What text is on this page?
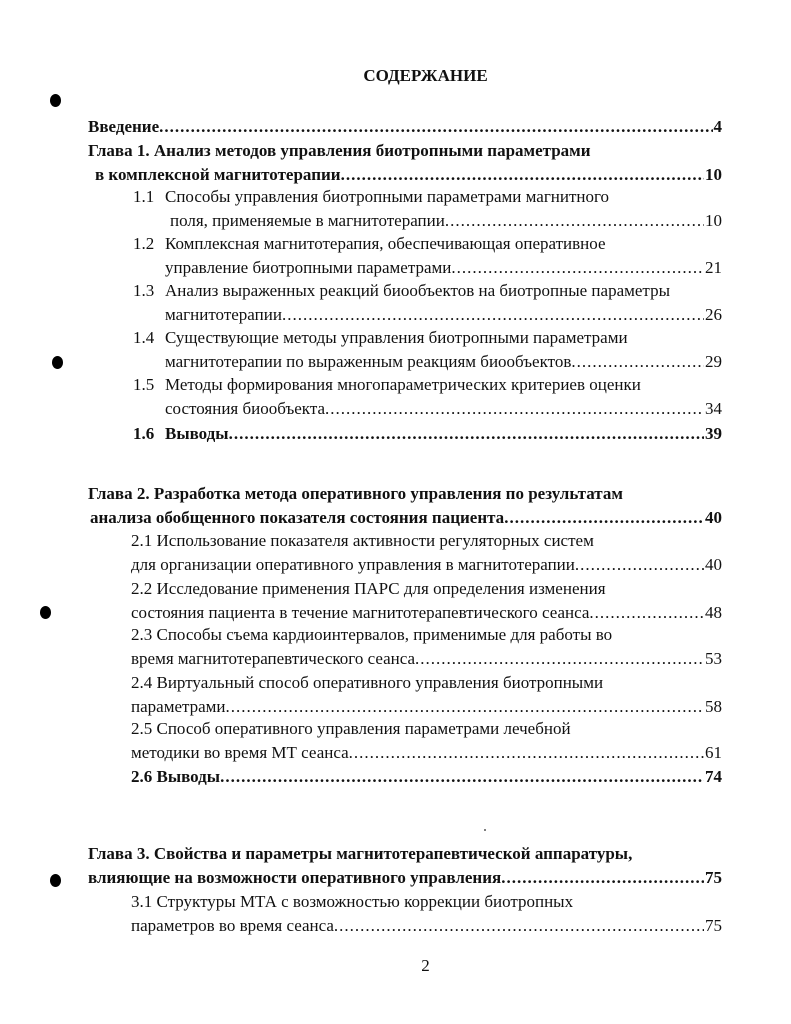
СОДЕРЖАНИЕ
Введение .....	4
Глава 1. Анализ методов управления биотропными параметрами
в комплексной магнитотерапии .....	10
1.1 Способы управления биотропными параметрами магнитного
поля, применяемые в магнитотерапии .....	10
1.2 Комплексная магнитотерапия, обеспечивающая оперативное
управление биотропными параметрами .....	21
1.3 Анализ выраженных реакций биообъектов на биотропные параметры
магнитотерапии .....	26
1.4 Существующие методы управления биотропными параметрами
магнитотерапии по выраженным реакциям биообъектов .....	29
1.5 Методы формирования многопараметрических критериев оценки
состояния биообъекта .....	34
1.6 Выводы .....	39
Глава 2. Разработка метода оперативного управления по результатам
анализа обобщенного показателя состояния пациента .....	40
2.1 Использование показателя активности регуляторных систем
для организации оперативного управления в магнитотерапии .....	40
2.2 Исследование применения ПАРС для определения изменения
состояния пациента в течение магнитотерапевтического сеанса .....	48
2.3 Способы съема кардиоинтервалов, применимые для работы во
время магнитотерапевтического сеанса .....	53
2.4 Виртуальный способ оперативного управления биотропными
параметрами .....	58
2.5 Способ оперативного управления параметрами лечебной
методики во время МТ сеанса .....	61
2.6 Выводы .....	74
Глава 3. Свойства и параметры магнитотерапевтической аппаратуры,
влияющие на возможности оперативного управления .....	75
3.1 Структуры МТА с возможностью коррекции биотропных
параметров во время сеанса .....	75
2
